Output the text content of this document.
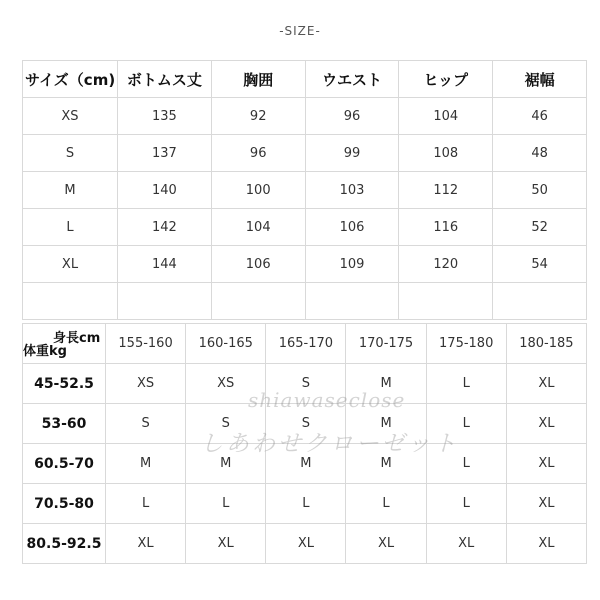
-SIZE-
サイズ（cm)	ボトムス丈	胸囲	ウエスト	ヒップ	裾幅
XS	135	92	96	104	46
S	137	96	99	108	48
M	140	100	103	112	50
L	142	104	106	116	52
XL	144	106	109	120	54

身長cm
体重kg	155-160	160-165	165-170	170-175	175-180	180-185
45-52.5	XS	XS	S	M	L	XL
53-60	S	S	S	M	L	XL
60.5-70	M	M	M	M	L	XL
70.5-80	L	L	L	L	L	XL
80.5-92.5	XL	XL	XL	XL	XL	XL
shiawaseclose
しあわせクローゼット
